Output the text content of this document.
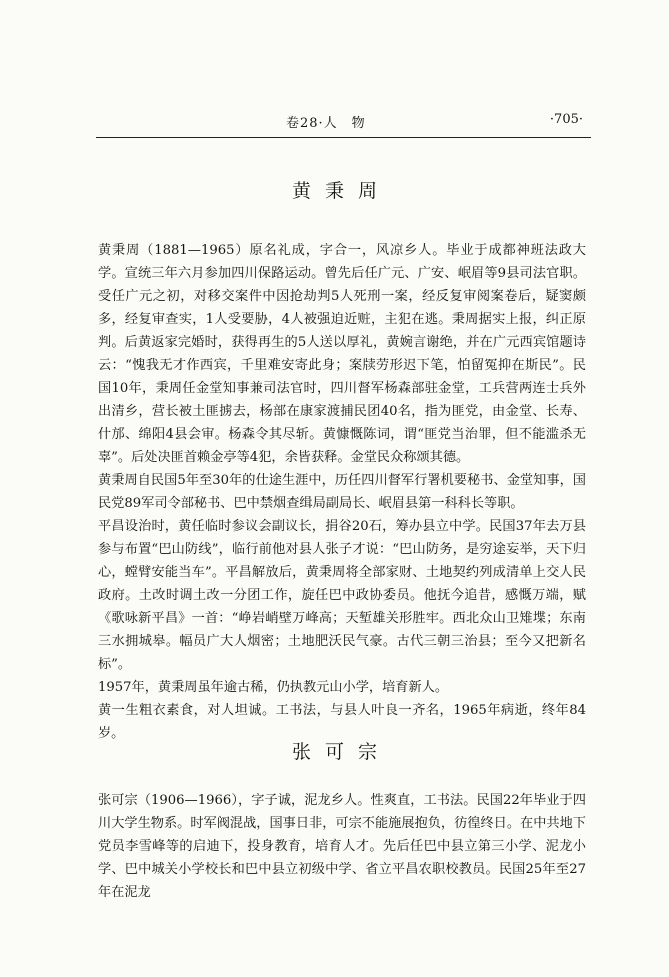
卷28·人　物	·705·
黄秉周

黄秉周（1881—1965）原名礼成，字合一，风凉乡人。毕业于成都神班法政大学。宣统三年六月参加四川保路运动。曾先后任广元、广安、岷眉等9县司法官职。受任广元之初，对移交案件中因抢劫判5人死刑一案，经反复审阅案卷后，疑窦颇多，经复审查实，1人受要胁，4人被强迫近赃，主犯在逃。秉周据实上报，纠正原判。后黄返家完婚时，获得再生的5人送以厚礼，黄婉言谢绝，并在广元西宾馆题诗云：“愧我无才作西宾，千里难安寄此身；案牍劳形迟下笔，怕留冤抑在斯民”。民国10年，秉周任金堂知事兼司法官时，四川督军杨森部驻金堂，工兵营两连士兵外出清乡，营长被土匪掳去，杨部在康家渡捕民团40名，指为匪党，由金堂、长寿、什邡、绵阳4县会审。杨森令其尽斩。黄慷慨陈词，谓“匪党当治罪，但不能滥杀无辜”。后处决匪首赖金亭等4犯，余皆获释。金堂民众称颂其德。

黄秉周自民国5年至30年的仕途生涯中，历任四川督军行署机要秘书、金堂知事，国民党89军司令部秘书、巴中禁烟查缉局副局长、岷眉县第一科科长等职。

平昌设治时，黄任临时参议会副议长，捐谷20石，筹办县立中学。民国37年去万县参与布置“巴山防线”，临行前他对县人张子才说：“巴山防务，是穷途妄举，天下归心，螳臂安能当车”。平昌解放后，黄秉周将全部家财、土地契约列成清单上交人民政府。土改时调土改一分团工作，旋任巴中政协委员。他抚今追昔，感慨万端，赋《歌咏新平昌》一首：“峥岩峭壁万峰高；天堑雄关形胜牢。西北众山卫雉堞；东南三水拥城皋。幅员广大人烟密；土地肥沃民气豪。古代三朝三治县；至今又把新名标”。

1957年，黄秉周虽年逾古稀，仍执教元山小学，培育新人。

黄一生粗衣素食，对人坦诚。工书法，与县人叶良一齐名，1965年病逝，终年84岁。

张可宗

张可宗（1906—1966），字子诚，泥龙乡人。性爽直，工书法。民国22年毕业于四川大学生物系。时军阀混战，国事日非，可宗不能施展抱负，彷徨终日。在中共地下党员李雪峰等的启迪下，投身教育，培育人才。先后任巴中县立第三小学、泥龙小学、巴中城关小学校长和巴中县立初级中学、省立平昌农职校教员。民国25年至27年在泥龙
